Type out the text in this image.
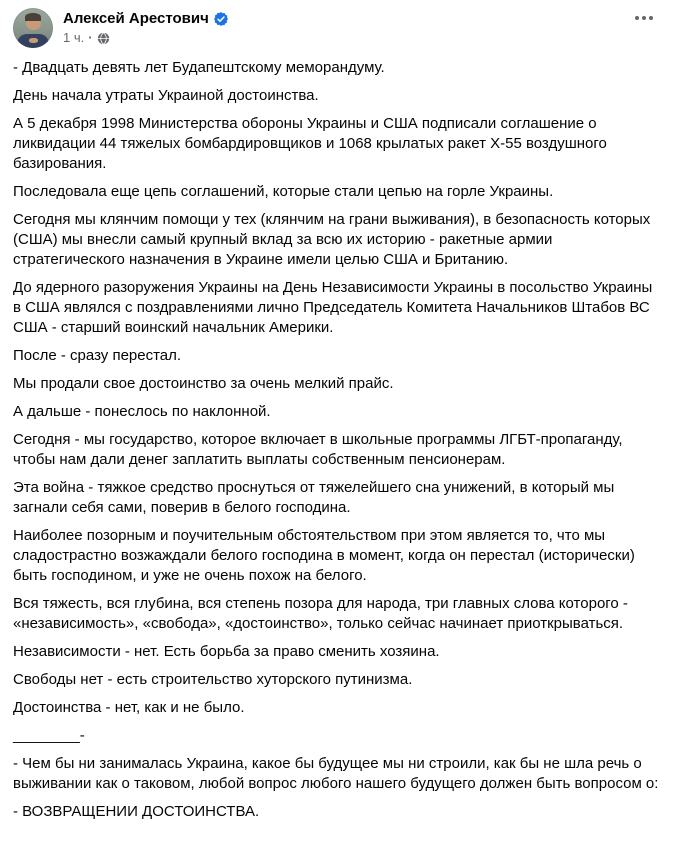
Алексей Арестович
1 ч. ·

- Двадцать девять лет Будапештскому меморандуму.

День начала утраты Украиной достоинства.

А 5 декабря 1998 Министерства обороны Украины и США подписали соглашение о ликвидации 44 тяжелых бомбардировщиков и 1068 крылатых ракет Х-55 воздушного базирования.

Последовала еще цепь соглашений, которые стали цепью на горле Украины.

Сегодня мы клянчим помощи у тех (клянчим на грани выживания), в безопасность которых (США) мы внесли самый крупный вклад за всю их историю - ракетные армии стратегического назначения в Украине имели целью США и Британию.

До ядерного разоружения Украины на День Независимости Украины в посольство Украины в США являлся с поздравлениями лично Председатель Комитета Начальников Штабов ВС США - старший воинский начальник Америки.

После - сразу перестал.

Мы продали свое достоинство за очень мелкий прайс.

А дальше - понеслось по наклонной.

Сегодня - мы государство, которое включает в школьные программы ЛГБТ-пропаганду, чтобы нам дали денег заплатить выплаты собственным пенсионерам.

Эта война - тяжкое средство проснуться от тяжелейшего сна унижений, в который мы загнали себя сами, поверив в белого господина.

Наиболее позорным и поучительным обстоятельством при этом является то, что мы сладострастно возжаждали белого господина в момент, когда он перестал (исторически) быть господином, и уже не очень похож на белого.

Вся тяжесть, вся глубина, вся степень позора для народа, три главных слова которого - «независимость», «свобода», «достоинство», только сейчас начинает приоткрываться.

Независимости - нет. Есть борьба за право сменить хозяина.

Свободы нет - есть строительство хуторского путинизма.

Достоинства - нет, как и не было.

________-

- Чем бы ни занималась Украина, какое бы будущее мы ни строили, как бы не шла речь о выживании как о таковом, любой вопрос любого нашего будущего должен быть вопросом о:

- ВОЗВРАЩЕНИИ ДОСТОИНСТВА.
